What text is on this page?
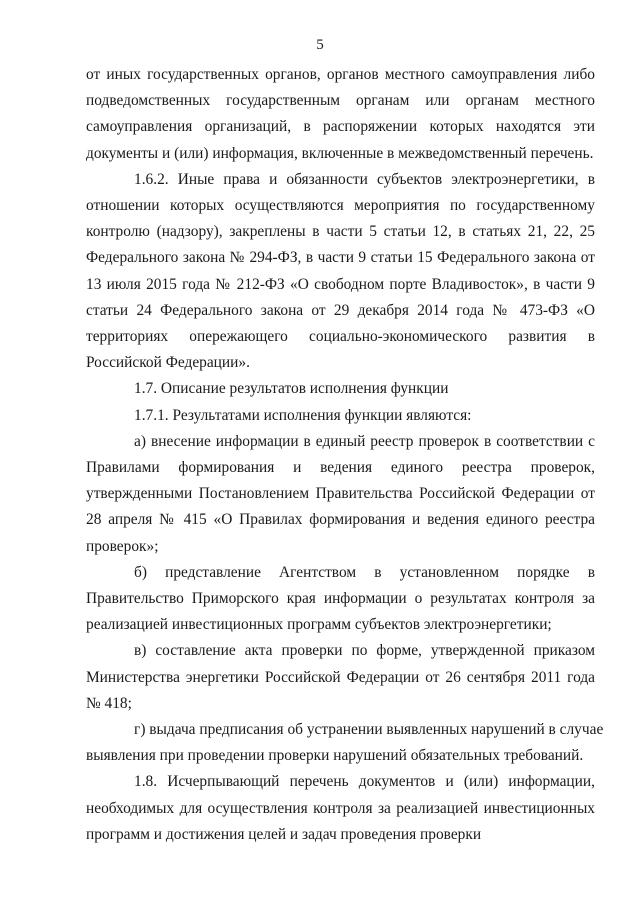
5
от иных государственных органов, органов местного самоуправления либо
подведомственных государственным органам или органам местного
самоуправления организаций, в распоряжении которых находятся эти
документы и (или) информация, включенные в межведомственный перечень.
1.6.2. Иные права и обязанности субъектов электроэнергетики, в
отношении которых осуществляются мероприятия по государственному
контролю (надзору), закреплены в части 5 статьи 12, в статьях 21, 22, 25
Федерального закона № 294-ФЗ, в части 9 статьи 15 Федерального закона от
13 июля 2015 года № 212-ФЗ «О свободном порте Владивосток», в части 9
статьи 24 Федерального закона от 29 декабря 2014 года № 473-ФЗ «О
территориях опережающего социально-экономического развития в
Российской Федерации».
1.7. Описание результатов исполнения функции
1.7.1. Результатами исполнения функции являются:
а) внесение информации в единый реестр проверок в соответствии с
Правилами формирования и ведения единого реестра проверок,
утвержденными Постановлением Правительства Российской Федерации от
28 апреля № 415 «О Правилах формирования и ведения единого реестра
проверок»;
б) представление Агентством в установленном порядке в
Правительство Приморского края информации о результатах контроля за
реализацией инвестиционных программ субъектов электроэнергетики;
в) составление акта проверки по форме, утвержденной приказом
Министерства энергетики Российской Федерации от 26 сентября 2011 года
№ 418;
г) выдача предписания об устранении выявленных нарушений в случае
выявления при проведении проверки нарушений обязательных требований.
1.8. Исчерпывающий перечень документов и (или) информации,
необходимых для осуществления контроля за реализацией инвестиционных
программ и достижения целей и задач проведения проверки
